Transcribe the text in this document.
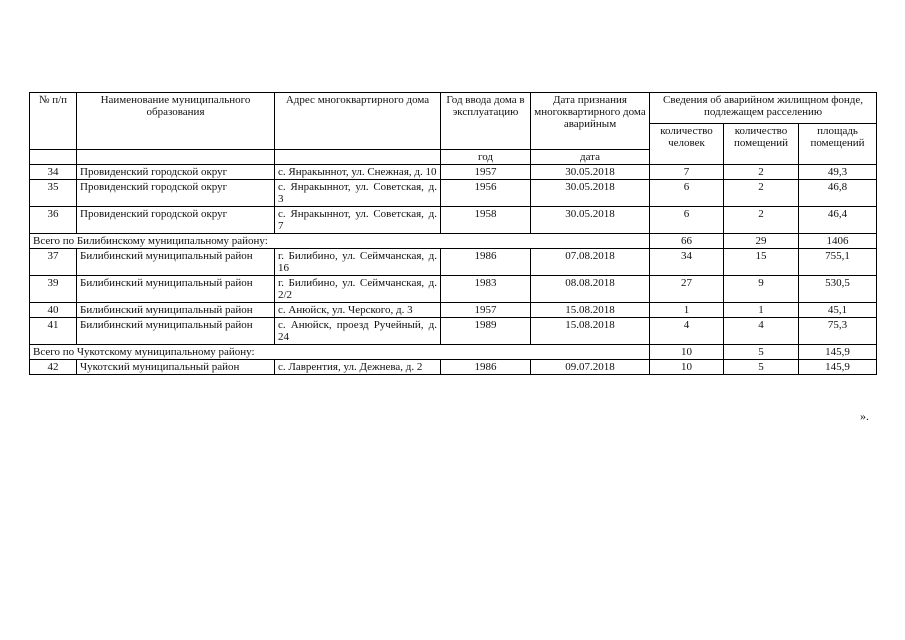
№ п/п	Наименование муниципального образования	Адрес многоквартирного дома	Год ввода дома в эксплуатацию	Дата признания многоквартирного дома аварийным	Сведения об аварийном жилищном фонде, подлежащем расселению		
					количество человек	количество помещений	площадь помещений
			год	дата			
34	Провиденский городской округ	с. Янракыннот, ул. Снежная, д. 10	1957	30.05.2018	7	2	49,3
35	Провиденский городской округ	с. Янракыннот, ул. Советская, д. 3	1956	30.05.2018	6	2	46,8
36	Провиденский городской округ	с. Янракыннот, ул. Советская, д. 7	1958	30.05.2018	6	2	46,4
Всего по Билибинскому муниципальному району:					66	29	1406
37	Билибинский муниципальный район	г. Билибино, ул. Сеймчанская, д. 16	1986	07.08.2018	34	15	755,1
39	Билибинский муниципальный район	г. Билибино, ул. Сеймчанская, д. 2/2	1983	08.08.2018	27	9	530,5
40	Билибинский муниципальный район	с. Анюйск, ул. Черского, д. 3	1957	15.08.2018	1	1	45,1
41	Билибинский муниципальный район	с. Анюйск, проезд Ручейный, д. 24	1989	15.08.2018	4	4	75,3
Всего по Чукотскому муниципальному району:					10	5	145,9
42	Чукотский муниципальный район	с. Лаврентия, ул. Дежнева, д. 2	1986	09.07.2018	10	5	145,9
».
